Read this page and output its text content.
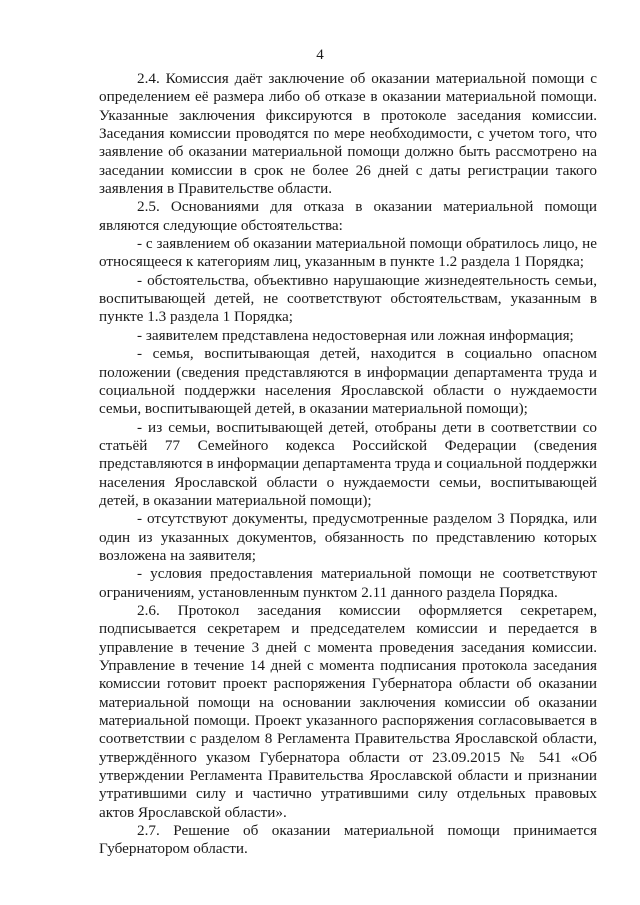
4

2.4. Комиссия даёт заключение об оказании материальной помощи с определением её размера либо об отказе в оказании материальной помощи. Указанные заключения фиксируются в протоколе заседания комиссии. Заседания комиссии проводятся по мере необходимости, с учетом того, что заявление об оказании материальной помощи должно быть рассмотрено на заседании комиссии в срок не более 26 дней с даты регистрации такого заявления в Правительстве области.

2.5. Основаниями для отказа в оказании материальной помощи являются следующие обстоятельства:

- с заявлением об оказании материальной помощи обратилось лицо, не относящееся к категориям лиц, указанным в пункте 1.2 раздела 1 Порядка;

- обстоятельства, объективно нарушающие жизнедеятельность семьи, воспитывающей детей, не соответствуют обстоятельствам, указанным в пункте 1.3 раздела 1 Порядка;

- заявителем представлена недостоверная или ложная информация;

- семья, воспитывающая детей, находится в социально опасном положении (сведения представляются в информации департамента труда и социальной поддержки населения Ярославской области о нуждаемости семьи, воспитывающей детей, в оказании материальной помощи);

- из семьи, воспитывающей детей, отобраны дети в соответствии со статьёй 77 Семейного кодекса Российской Федерации (сведения представляются в информации департамента труда и социальной поддержки населения Ярославской области о нуждаемости семьи, воспитывающей детей, в оказании материальной помощи);

- отсутствуют документы, предусмотренные разделом 3 Порядка, или один из указанных документов, обязанность по представлению которых возложена на заявителя;

- условия предоставления материальной помощи не соответствуют ограничениям, установленным пунктом 2.11 данного раздела Порядка.

2.6. Протокол заседания комиссии оформляется секретарем, подписывается секретарем и председателем комиссии и передается в управление в течение 3 дней с момента проведения заседания комиссии. Управление в течение 14 дней с момента подписания протокола заседания комиссии готовит проект распоряжения Губернатора области об оказании материальной помощи на основании заключения комиссии об оказании материальной помощи. Проект указанного распоряжения согласовывается в соответствии с разделом 8 Регламента Правительства Ярославской области, утверждённого указом Губернатора области от 23.09.2015 № 541 «Об утверждении Регламента Правительства Ярославской области и признании утратившими силу и частично утратившими силу отдельных правовых актов Ярославской области».

2.7. Решение об оказании материальной помощи принимается Губернатором области.
